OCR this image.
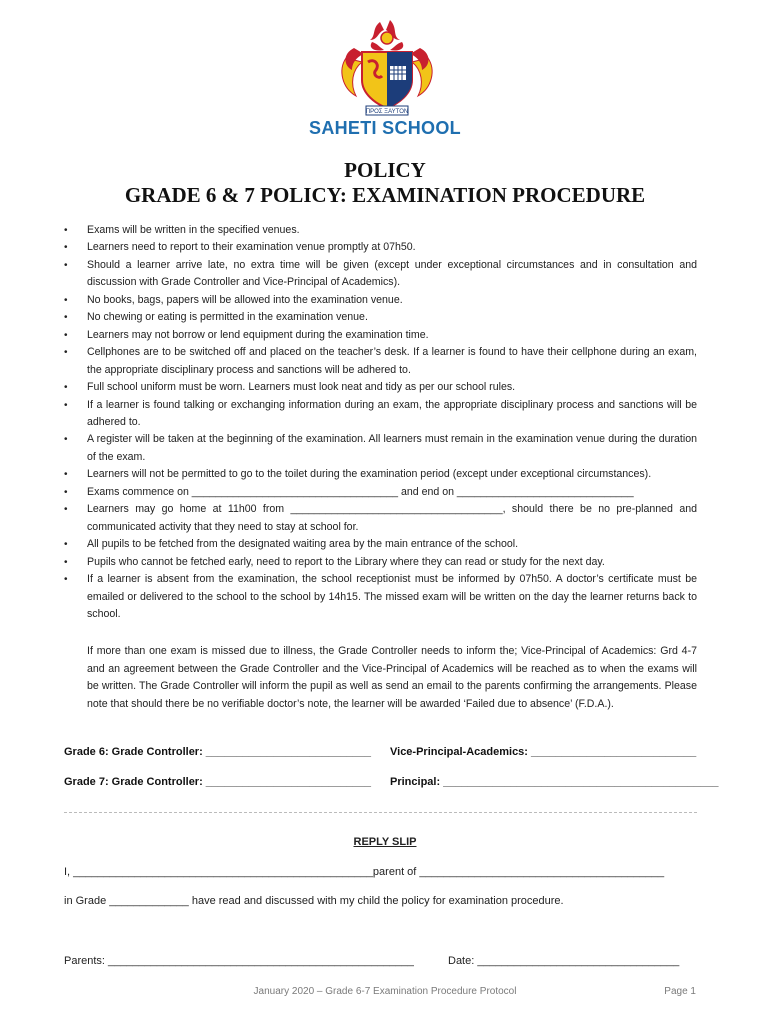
ΠΡΟΣ ΞΑΥΤΟΝ
SAHETI SCHOOL
POLICY
GRADE 6 & 7 POLICY: EXAMINATION PROCEDURE
• Exams will be written in the specified venues.
• Learners need to report to their examination venue promptly at 07h50.
• Should a learner arrive late, no extra time will be given (except under exceptional circumstances and in consultation and discussion with Grade Controller and Vice-Principal of Academics).
• No books, bags, papers will be allowed into the examination venue.
• No chewing or eating is permitted in the examination venue.
• Learners may not borrow or lend equipment during the examination time.
• Cellphones are to be switched off and placed on the teacher’s desk. If a learner is found to have their cellphone during an exam, the appropriate disciplinary process and sanctions will be adhered to.
• Full school uniform must be worn. Learners must look neat and tidy as per our school rules.
• If a learner is found talking or exchanging information during an exam, the appropriate disciplinary process and sanctions will be adhered to.
• A register will be taken at the beginning of the examination. All learners must remain in the examination venue during the duration of the exam.
• Learners will not be permitted to go to the toilet during the examination period (except under exceptional circumstances).
• Exams commence on ___________________________________ and end on ______________________________
• Learners may go home at 11h00 from ____________________________________, should there be no pre-planned and communicated activity that they need to stay at school for.
• All pupils to be fetched from the designated waiting area by the main entrance of the school.
• Pupils who cannot be fetched early, need to report to the Library where they can read or study for the next day.
• If a learner is absent from the examination, the school receptionist must be informed by 07h50. A doctor’s certificate must be emailed or delivered to the school to the school by 14h15. The missed exam will be written on the day the learner returns back to school.
If more than one exam is missed due to illness, the Grade Controller needs to inform the; Vice-Principal of Academics: Grd 4-7 and an agreement between the Grade Controller and the Vice-Principal of Academics will be reached as to when the exams will be written. The Grade Controller will inform the pupil as well as send an email to the parents confirming the arrangements. Please note that should there be no verifiable doctor’s note, the learner will be awarded ‘Failed due to absence’ (F.D.A.).
Grade 6: Grade Controller: ___________________________ Vice-Principal-Academics: ___________________________
Grade 7: Grade Controller: ___________________________ Principal: _____________________________________________
REPLY SLIP
I, _________________________________________________parent of ________________________________________
in Grade _____________ have read and discussed with my child the policy for examination procedure.
Parents: __________________________________________________	Date: _________________________________
January 2020 – Grade 6-7 Examination Procedure Protocol	Page 1
